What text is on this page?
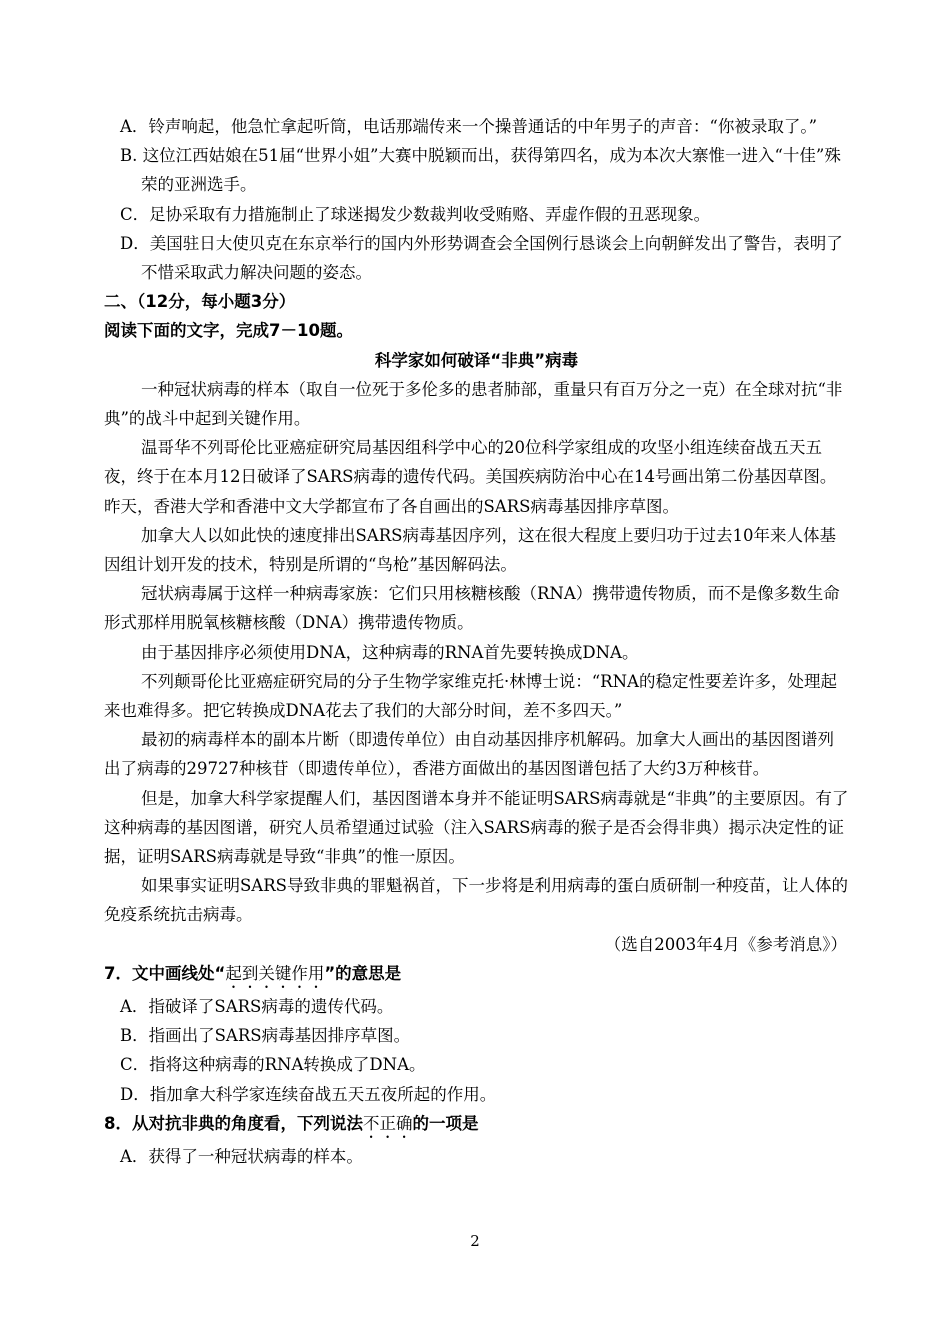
A．铃声响起，他急忙拿起听筒，电话那端传来一个操普通话的中年男子的声音：“你被录取了。”

B. 这位江西姑娘在51届“世界小姐”大赛中脱颖而出，获得第四名，成为本次大寨惟一进入“十佳”殊荣的亚洲选手。

C．足协采取有力措施制止了球迷揭发少数裁判收受贿赂、弄虚作假的丑恶现象。

D．美国驻日大使贝克在东京举行的国内外形势调查会全国例行恳谈会上向朝鲜发出了警告，表明了不惜采取武力解决问题的姿态。

二、（12分，每小题3分）

阅读下面的文字，完成7－10题。

科学家如何破译“非典”病毒

一种冠状病毒的样本（取自一位死于多伦多的患者肺部，重量只有百万分之一克）在全球对抗“非典”的战斗中起到关键作用。

温哥华不列哥伦比亚癌症研究局基因组科学中心的20位科学家组成的攻坚小组连续奋战五天五夜，终于在本月12日破译了SARS病毒的遗传代码。美国疾病防治中心在14号画出第二份基因草图。昨天，香港大学和香港中文大学都宣布了各自画出的SARS病毒基因排序草图。

加拿大人以如此快的速度排出SARS病毒基因序列，这在很大程度上要归功于过去10年来人体基因组计划开发的技术，特别是所谓的“鸟枪”基因解码法。

冠状病毒属于这样一种病毒家族：它们只用核糖核酸（RNA）携带遗传物质，而不是像多数生命形式那样用脱氧核糖核酸（DNA）携带遗传物质。

由于基因排序必须使用DNA，这种病毒的RNA首先要转换成DNA。

不列颠哥伦比亚癌症研究局的分子生物学家维克托·林博士说：“RNA的稳定性要差许多，处理起来也难得多。把它转换成DNA花去了我们的大部分时间，差不多四天。”

最初的病毒样本的副本片断（即遗传单位）由自动基因排序机解码。加拿大人画出的基因图谱列出了病毒的29727种核苷（即遗传单位），香港方面做出的基因图谱包括了大约3万种核苷。

但是，加拿大科学家提醒人们，基因图谱本身并不能证明SARS病毒就是“非典”的主要原因。有了这种病毒的基因图谱，研究人员希望通过试验（注入SARS病毒的猴子是否会得非典）揭示决定性的证据，证明SARS病毒就是导致“非典”的惟一原因。

如果事实证明SARS导致非典的罪魁祸首，下一步将是利用病毒的蛋白质研制一种疫苗，让人体的免疫系统抗击病毒。

（选自2003年4月《参考消息》）

7．文中画线处“起到关键作用”的意思是

A．指破译了SARS病毒的遗传代码。

B．指画出了SARS病毒基因排序草图。

C．指将这种病毒的RNA转换成了DNA。

D．指加拿大科学家连续奋战五天五夜所起的作用。

8．从对抗非典的角度看，下列说法不正确的一项是

A．获得了一种冠状病毒的样本。

2
